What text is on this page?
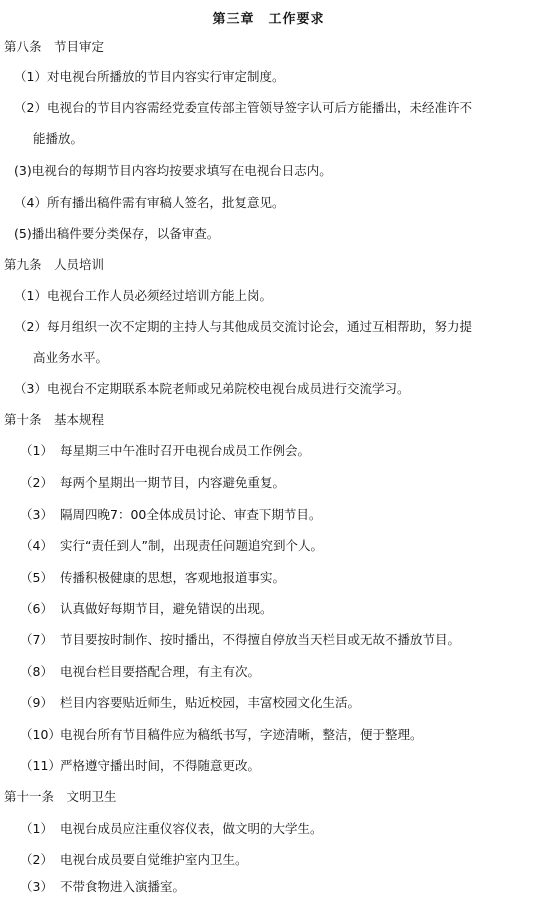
第三章　工作要求
第八条　节目审定
（1）对电视台所播放的节目内容实行审定制度。
（2）电视台的节目内容需经党委宣传部主管领导签字认可后方能播出，未经准许不
能播放。
(3)电视台的每期节目内容均按要求填写在电视台日志内。
（4）所有播出稿件需有审稿人签名，批复意见。
(5)播出稿件要分类保存，以备审查。
第九条　人员培训
（1）电视台工作人员必须经过培训方能上岗。
（2）每月组织一次不定期的主持人与其他成员交流讨论会，通过互相帮助，努力提
高业务水平。
（3）电视台不定期联系本院老师或兄弟院校电视台成员进行交流学习。
第十条　基本规程
（1） 每星期三中午准时召开电视台成员工作例会。
（2） 每两个星期出一期节目，内容避免重复。
（3） 隔周四晚7：00全体成员讨论、审查下期节目。
（4） 实行“责任到人”制，出现责任问题追究到个人。
（5） 传播积极健康的思想，客观地报道事实。
（6） 认真做好每期节目，避免错误的出现。
（7） 节目要按时制作、按时播出，不得擅自停放当天栏目或无故不播放节目。
（8） 电视台栏目要搭配合理，有主有次。
（9） 栏目内容要贴近师生，贴近校园，丰富校园文化生活。
（10）电视台所有节目稿件应为稿纸书写，字迹清晰，整洁，便于整理。
（11）严格遵守播出时间，不得随意更改。
第十一条　文明卫生
（1） 电视台成员应注重仪容仪表，做文明的大学生。
（2） 电视台成员要自觉维护室内卫生。
（3） 不带食物进入演播室。
